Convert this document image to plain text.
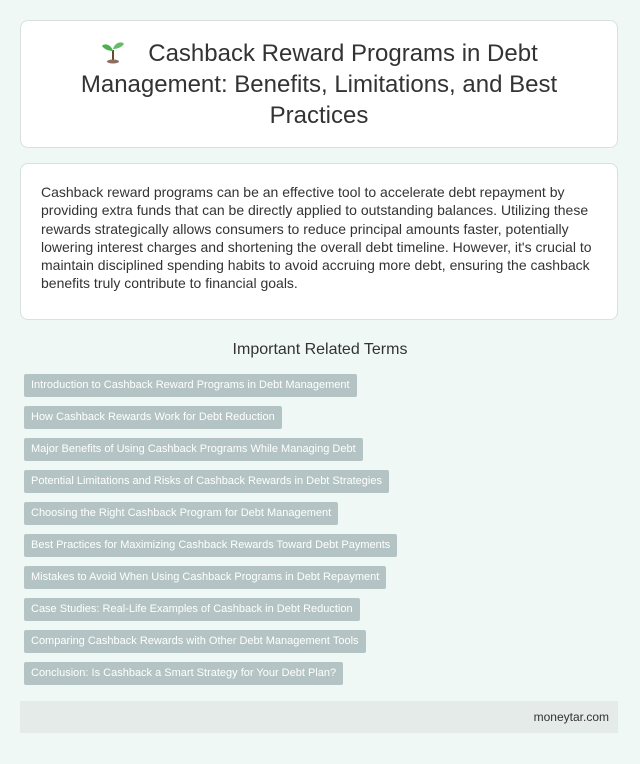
Cashback Reward Programs in Debt Management: Benefits, Limitations, and Best Practices

Cashback reward programs can be an effective tool to accelerate debt repayment by providing extra funds that can be directly applied to outstanding balances. Utilizing these rewards strategically allows consumers to reduce principal amounts faster, potentially lowering interest charges and shortening the overall debt timeline. However, it's crucial to maintain disciplined spending habits to avoid accruing more debt, ensuring the cashback benefits truly contribute to financial goals.

Important Related Terms
Introduction to Cashback Reward Programs in Debt Management
How Cashback Rewards Work for Debt Reduction
Major Benefits of Using Cashback Programs While Managing Debt
Potential Limitations and Risks of Cashback Rewards in Debt Strategies
Choosing the Right Cashback Program for Debt Management
Best Practices for Maximizing Cashback Rewards Toward Debt Payments
Mistakes to Avoid When Using Cashback Programs in Debt Repayment
Case Studies: Real-Life Examples of Cashback in Debt Reduction
Comparing Cashback Rewards with Other Debt Management Tools
Conclusion: Is Cashback a Smart Strategy for Your Debt Plan?
moneytar.com
